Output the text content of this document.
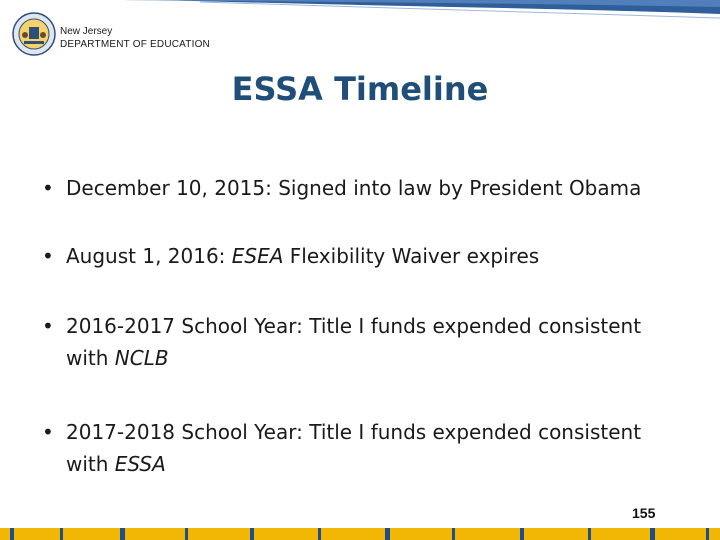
New Jersey
DEPARTMENT OF EDUCATION
ESSA Timeline
• December 10, 2015: Signed into law by President Obama
• August 1, 2016: ESEA Flexibility Waiver expires
• 2016-2017 School Year: Title I funds expended consistent with NCLB
• 2017-2018 School Year: Title I funds expended consistent with ESSA
155
